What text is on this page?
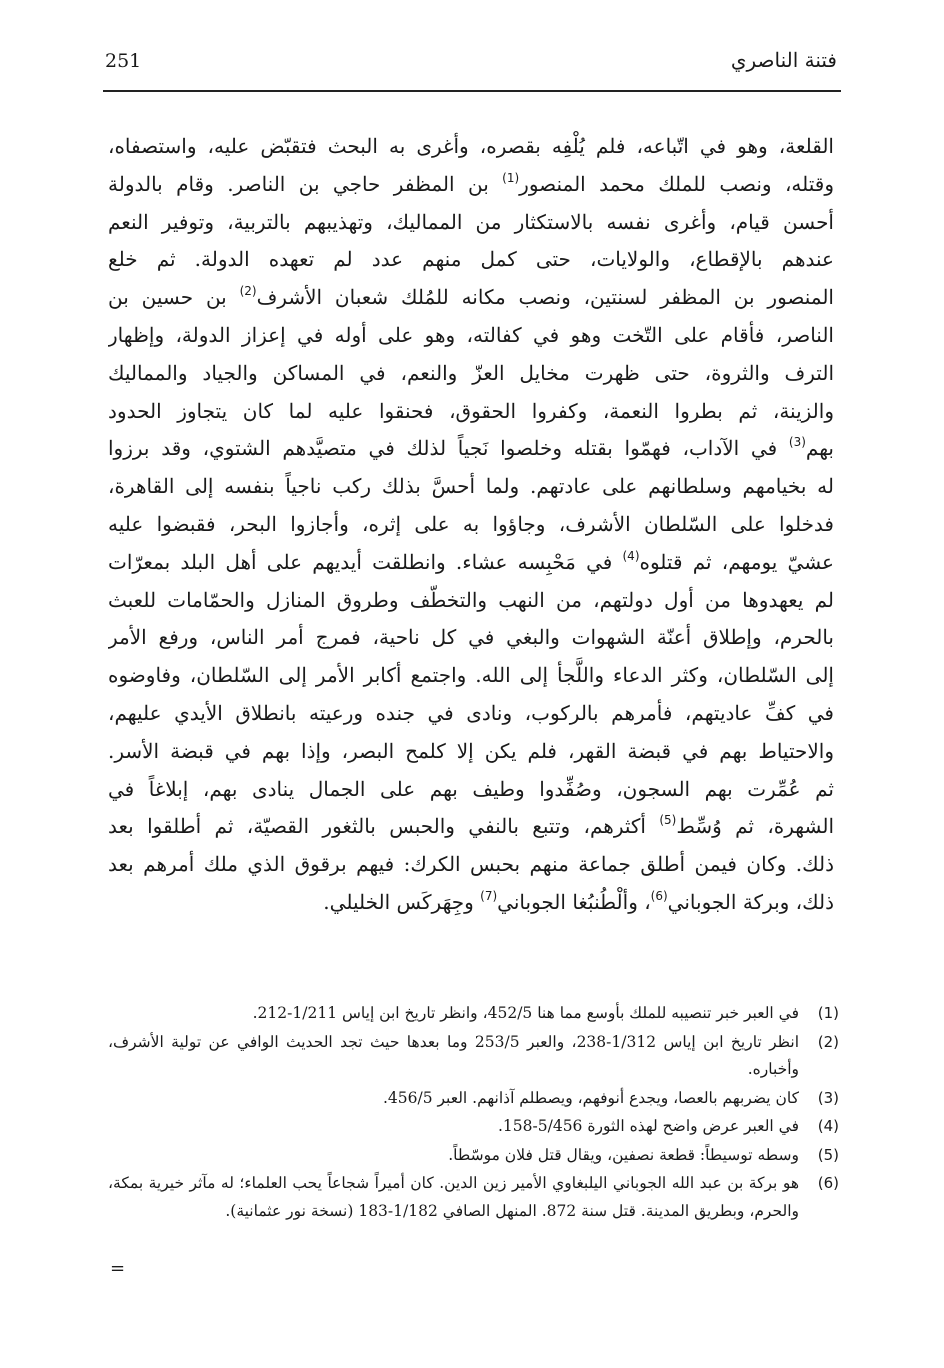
251	فتنة الناصري
القلعة، وهو في اتّباعه، فلم يُلْفِه بقصره، وأغرى به البحث فتقبّض عليه، واستصفاه،
وقتله، ونصب للملك محمد المنصور$^{(1)}$ بن المظفر حاجي بن الناصر. وقام بالدولة
أحسن قيام، وأغرى نفسه بالاستكثار من المماليك، وتهذيبهم بالتربية، وتوفير النعم
عندهم بالإقطاع، والولايات، حتى كمل منهم عدد لم تعهده الدولة. ثم خلع
المنصور بن المظفر لسنتين، ونصب مكانه للمُلك شعبان الأشرف$^{(2)}$ بن حسين بن
الناصر، فأقام على التّخت وهو في كفالته، وهو على أوله في إعزاز الدولة، وإظهار
الترف والثروة، حتى ظهرت مخايل العزّ والنعم، في المساكن والجياد والمماليك
والزينة، ثم بطروا النعمة، وكفروا الحقوق، فحنقوا عليه لما كان يتجاوز الحدود
بهم$^{(3)}$ في الآداب، فهمّوا بقتله وخلصوا نَجياً لذلك في متصيَّدهم الشتوي، وقد برزوا
له بخيامهم وسلطانهم على عادتهم. ولما أحسَّ بذلك ركب ناجياً بنفسه إلى القاهرة،
فدخلوا على السّلطان الأشرف، وجاؤوا به على إثره، وأجازوا البحر، فقبضوا عليه
عشيّ يومهم، ثم قتلوه$^{(4)}$ في مَحْبِسه عشاء. وانطلقت أيديهم على أهل البلد بمعرّات
لم يعهدوها من أول دولتهم، من النهب والتخطّف وطروق المنازل والحمّامات للعبث
بالحرم، وإطلاق أعنّة الشهوات والبغي في كل ناحية، فمرج أمر الناس، ورفع الأمر
إلى السّلطان، وكثر الدعاء واللَّجأ إلى الله. واجتمع أكابر الأمر إلى السّلطان، وفاوضوه
في كفِّ عاديتهم، فأمرهم بالركوب، ونادى في جنده ورعيته بانطلاق الأيدي عليهم،
والاحتياط بهم في قبضة القهر، فلم يكن إلا كلمح البصر، وإذا بهم في قبضة الأسر.
ثم عُمِّرت بهم السجون، وصُفِّدوا وطيف بهم على الجمال ينادى بهم، إبلاغاً في
الشهرة، ثم وُسِّط$^{(5)}$ أكثرهم، وتتبع بالنفي والحبس بالثغور القصيّة، ثم أطلقوا بعد
ذلك. وكان فيمن أطلق جماعة منهم بحبس الكرك: فيهم برقوق الذي ملك أمرهم بعد
ذلك، وبركة الجوباني$^{(6)}$، وألْطُنبُغا الجوباني$^{(7)}$ وجِهَركَس الخليلي.
(1)
في العبر خبر تنصيبه للملك بأوسع مما هنا 452/5، وانظر تاريخ ابن إياس 1/211-212.
(2)
انظر تاريخ ابن إياس 1/312-238، والعبر 253/5 وما بعدها حيث تجد الحديث الوافي عن تولية الأشرف، وأخباره.
(3)
كان يضربهم بالعصا، ويجدع أنوفهم، ويصطلم آذانهم. العبر 456/5.
(4)
في العبر عرض واضح لهذه الثورة 5/456-158.
(5)
وسطه توسيطاً: قطعة نصفين، ويقال قتل فلان موسّطاً.
(6)
هو بركة بن عبد الله الجوباني اليلبغاوي الأمير زين الدين. كان أميراً شجاعاً يحب العلماء؛ له مآثر خيرية بمكة، والحرم، وبطريق المدينة. قتل سنة 872. المنهل الصافي 1/182-183 (نسخة نور عثمانية).
=
